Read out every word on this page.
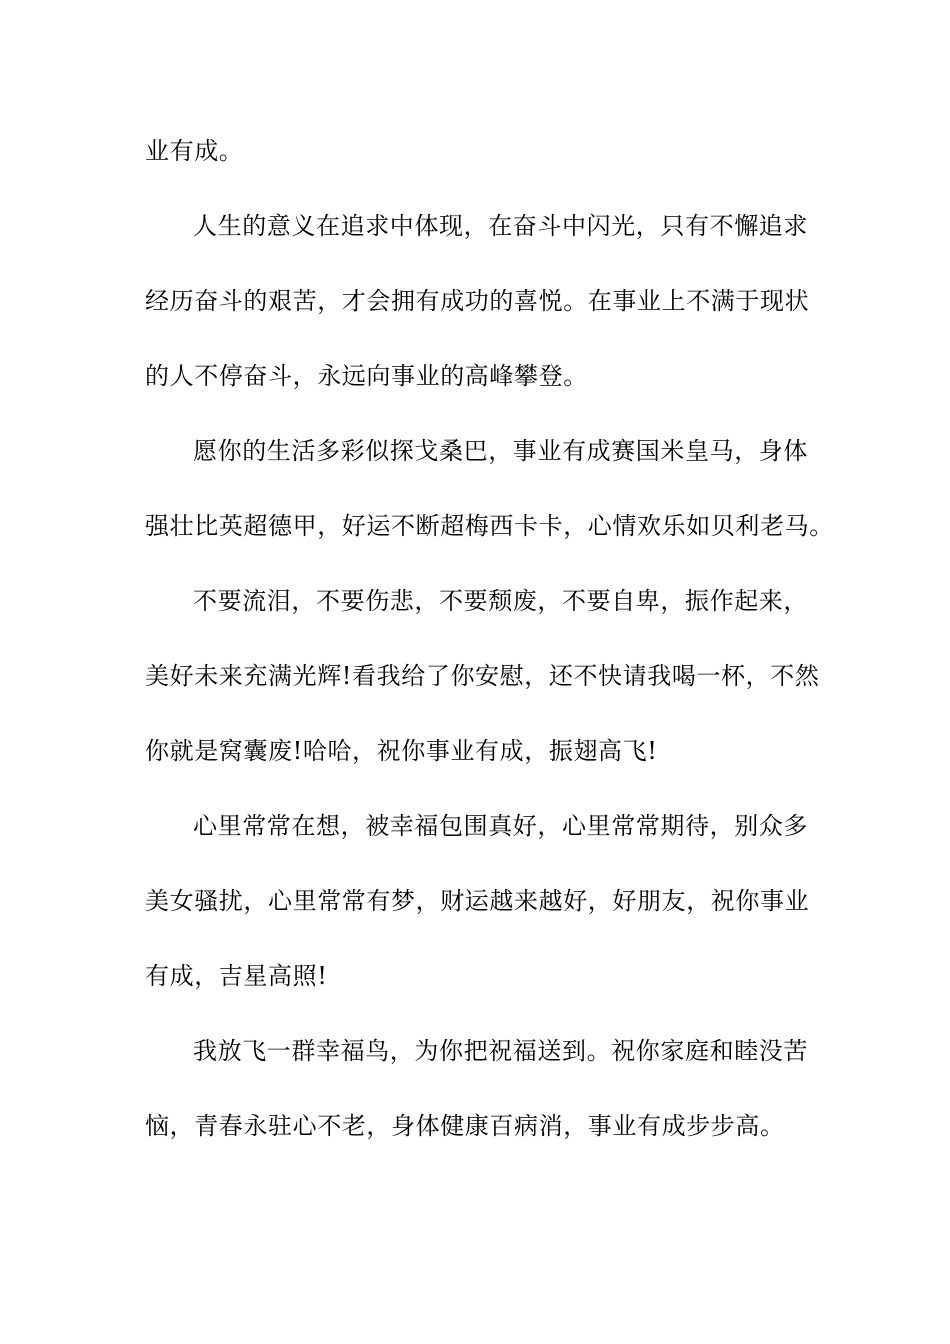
业有成。
人生的意义在追求中体现，在奋斗中闪光，只有不懈追求
经历奋斗的艰苦，才会拥有成功的喜悦。在事业上不满于现状
的人不停奋斗，永远向事业的高峰攀登。
愿你的生活多彩似探戈桑巴，事业有成赛国米皇马，身体
强壮比英超德甲，好运不断超梅西卡卡，心情欢乐如贝利老马。
不要流泪，不要伤悲，不要颓废，不要自卑，振作起来，
美好未来充满光辉!看我给了你安慰，还不快请我喝一杯，不然
你就是窝囊废!哈哈，祝你事业有成，振翅高飞!
心里常常在想，被幸福包围真好，心里常常期待，别众多
美女骚扰，心里常常有梦，财运越来越好，好朋友，祝你事业
有成，吉星高照!
我放飞一群幸福鸟，为你把祝福送到。祝你家庭和睦没苦
恼，青春永驻心不老，身体健康百病消，事业有成步步高。
